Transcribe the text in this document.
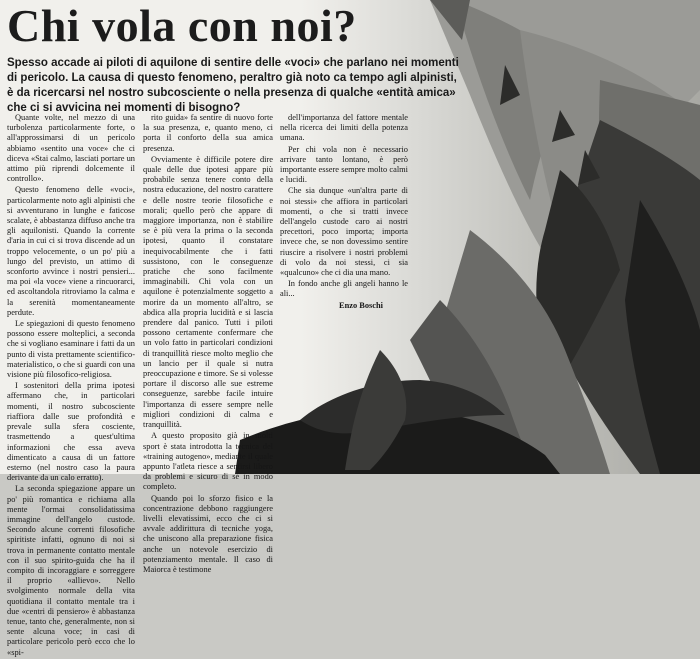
Chi vola con noi?

Spesso accade ai piloti di aquilone di sentire delle «voci» che parlano nei momenti di pericolo. La causa di questo fenomeno, peraltro già noto ca tempo agli alpinisti, è da ricercarsi nel nostro subcosciente o nella presenza di qualche «entità amica» che ci si avvicina nei momenti di bisogno?

Quante volte, nel mezzo di una turbolenza particolarmente forte, o all'approssimarsi di un pericolo abbiamo «sentito una voce» che ci diceva «Stai calmo, lasciati portare un attimo più riprendi dolcemente il controllo».

Questo fenomeno delle «voci», particolarmente noto agli alpinisti che si avventurano in lunghe e faticose scalate, è abbastanza diffuso anche tra gli aquilonisti. Quando la corrente d'aria in cui ci si trova discende ad un troppo velocemente, o un po' più a lungo del previsto, un attimo di sconforto avvince i nostri pensieri... ma poi «la voce» viene a rincuorarci, ed ascoltandola ritroviamo la calma e la serenità momentaneamente perdute.

Le spiegazioni di questo fenomeno possono essere molteplici, a seconda che si vogliano esaminare i fatti da un punto di vista prettamente scientifico-materialistico, o che si guardi con una visione più filosofico-religiosa.

I sostenitori della prima ipotesi affermano che, in particolari momenti, il nostro subcosciente riaffiora dalle sue profondità e prevale sulla sfera cosciente, trasmettendo a quest'ultima informazioni che essa aveva dimenticato a causa di un fattore esterno (nel nostro caso la paura derivante da un calo erratto).

La seconda spiegazione appare un po' più romantica e richiama alla mente l'ormai consolidatissima immagine dell'angelo custode. Secondo alcune correnti filosofiche spiritiste infatti, ognuno di noi si trova in permanente contatto mentale con il suo spirito-guida che ha il compito di incoraggiare e sorreggere il proprio «allievo». Nello svolgimento normale della vita quotidiana il contatto mentale tra i due «centri di pensiero» è abbastanza tenue, tanto che, generalmente, non si sente alcuna voce; in casi di particolare pericolo però ecco che lo «spi-

rito guida» fa sentire di nuovo forte la sua presenza, e, quanto meno, ci porta il conforto della sua amica presenza.

Ovviamente è difficile potere dire quale delle due ipotesi appare più probabile senza tenere conto della nostra educazione, del nostro carattere e delle nostre teorie filosofiche e morali; quello però che appare di maggiore importanza, non è stabilire se è più vera la prima o la seconda ipotesi, quanto il constatare inequivocabilmente che i fatti sussistono, con le conseguenze pratiche che sono facilmente immaginabili. Chi vola con un aquilone è potenzialmente soggetto a morire da un momento all'altro, se abdica alla propria lucidità e si lascia prendere dal panico. Tutti i piloti possono certamente confermare che un volo fatto in particolari condizioni di tranquillità riesce molto meglio che un lancio per il quale si nutra preoccupazione e timore. Se si volesse portare il discorso alle sue estreme conseguenze, sarebbe facile intuire l'importanza di essere sempre nelle migliori condizioni di calma e tranquillità.

A questo proposito già in molti sport è stata introdotta la tecnica del «training autogeno», mediante il quale appunto l'atleta riesce a sentirsi libero da problemi e sicuro di sé in modo completo.

Quando poi lo sforzo fisico e la concentrazione debbono raggiungere livelli elevatissimi, ecco che ci si avvale addirittura di tecniche yoga, che uniscono alla preparazione fisica anche un notevole esercizio di potenziamento mentale. Il caso di Maiorca è testimone

dell'importanza del fattore mentale nella ricerca dei limiti della potenza umana.

Per chi vola non è necessario arrivare tanto lontano, è però importante essere sempre molto calmi e lucidi.

Che sia dunque «un'altra parte di noi stessi» che affiora in particolari momenti, o che si tratti invece dell'angelo custode caro ai nostri precettori, poco importa; importa invece che, se non dovessimo sentire riuscire a risolvere i nostri problemi di volo da noi stessi, ci sia «qualcuno» che ci dia una mano.

In fondo anche gli angeli hanno le ali...

Enzo Boschi
